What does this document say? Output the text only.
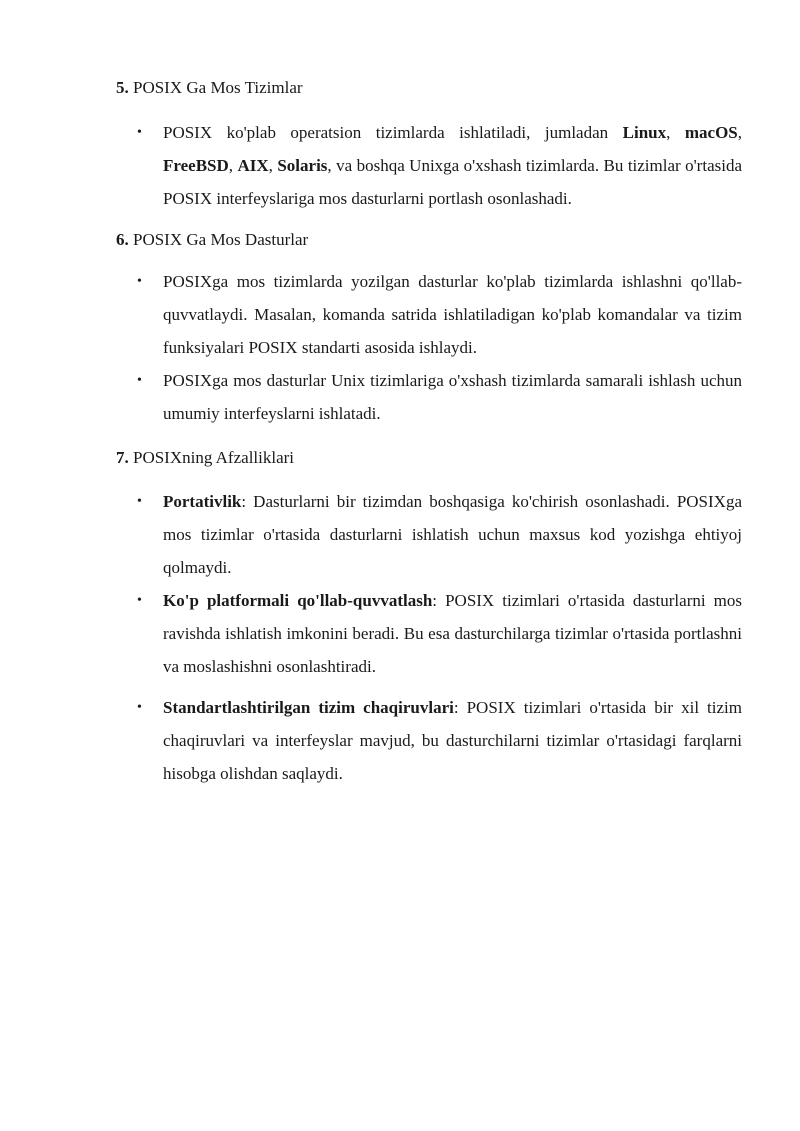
5. POSIX Ga Mos Tizimlar

• POSIX ko'plab operatsion tizimlarda ishlatiladi, jumladan Linux, macOS, FreeBSD, AIX, Solaris, va boshqa Unixga o'xshash tizimlarda. Bu tizimlar o'rtasida POSIX interfeyslariga mos dasturlarni portlash osonlashadi.

6. POSIX Ga Mos Dasturlar

• POSIXga mos tizimlarda yozilgan dasturlar ko'plab tizimlarda ishlashni qo'llab-quvvatlaydi. Masalan, komanda satrida ishlatiladigan ko'plab komandalar va tizim funksiyalari POSIX standarti asosida ishlaydi.
• POSIXga mos dasturlar Unix tizimlariga o'xshash tizimlarda samarali ishlash uchun umumiy interfeyslarni ishlatadi.

7. POSIXning Afzalliklari

• Portativlik: Dasturlarni bir tizimdan boshqasiga ko'chirish osonlashadi. POSIXga mos tizimlar o'rtasida dasturlarni ishlatish uchun maxsus kod yozishga ehtiyoj qolmaydi.
• Ko'p platformali qo'llab-quvvatlash: POSIX tizimlari o'rtasida dasturlarni mos ravishda ishlatish imkonini beradi. Bu esa dasturchilarga tizimlar o'rtasida portlashni va moslashishni osonlashtiradi.
• Standartlashtirilgan tizim chaqiruvlari: POSIX tizimlari o'rtasida bir xil tizim chaqiruvlari va interfeyslar mavjud, bu dasturchilarni tizimlar o'rtasidagi farqlarni hisobga olishdan saqlaydi.
